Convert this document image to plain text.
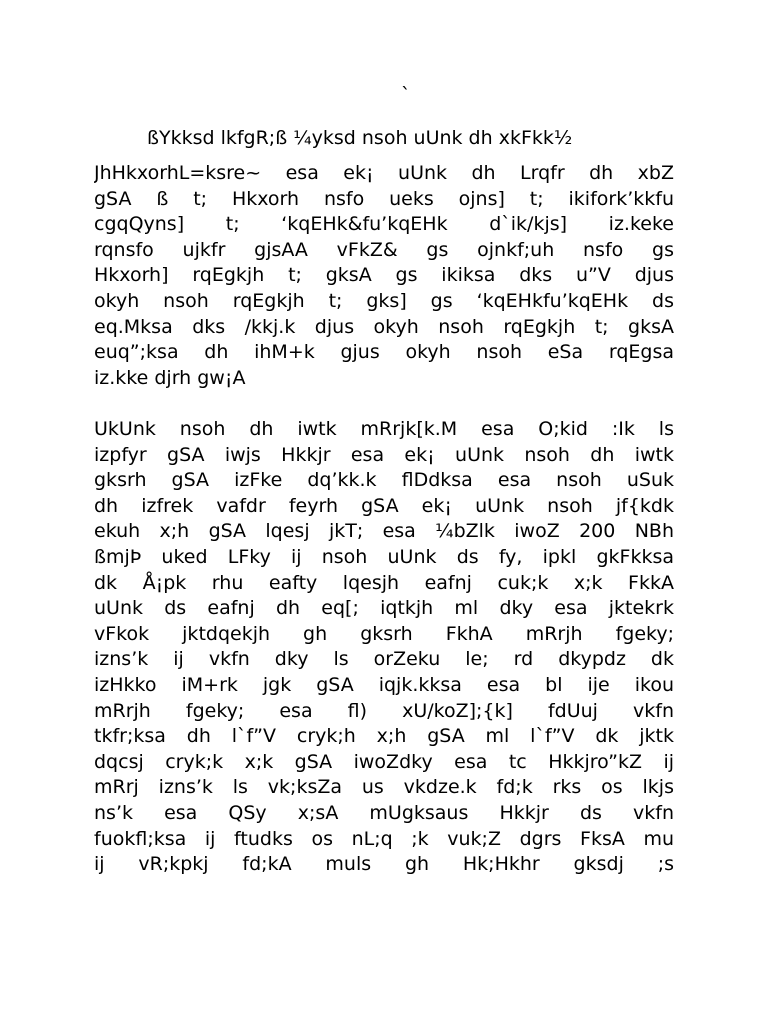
`
ßYkksd lkfgR;ß ¼yksd nsoh uUnk dh xkFkk½
JhHkxorhL=ksre~ esa ek¡ uUnk dh Lrqfr dh xbZ
gSA ß t; Hkxorh nsfo ueks ojns] t; ikifork’kkfu
cgqQyns] t; ‘kqEHk&fu’kqEHk d`ik/kjs] iz.keke
rqnsfo ujkfr gjsAA vFkZ& gs ojnkf;uh nsfo gs
Hkxorh] rqEgkjh t; gksA gs ikiksa dks u”V djus
okyh nsoh rqEgkjh t; gks] gs ‘kqEHkfu’kqEHk ds
eq.Mksa dks /kkj.k djus okyh nsoh rqEgkjh t; gksA
euq”;ksa dh ihM+k gjus okyh nsoh eSa rqEgsa
iz.kke djrh gw¡A
UkUnk nsoh dh iwtk mRrjk[k.M esa O;kid :Ik ls
izpfyr gSA iwjs Hkkjr esa ek¡ uUnk nsoh dh iwtk
gksrh gSA izFke dq’kk.k flDdksa esa nsoh uSuk
dh izfrek vafdr feyrh gSA ek¡ uUnk nsoh jf{kdk
ekuh x;h gSA lqesj jkT; esa ¼bZlk iwoZ 200 NBh
ßmjÞ uked LFky ij nsoh uUnk ds fy, ipkl gkFkksa
dk Å¡pk rhu eafty lqesjh eafnj cuk;k x;k FkkA
uUnk ds eafnj dh eq[; iqtkjh ml dky esa jktekrk
vFkok jktdqekjh gh gksrh FkhA mRrjh fgeky;
izns’k ij vkfn dky ls orZeku le; rd dkypdz dk
izHkko iM+rk jgk gSA iqjk.kksa esa bl ije ikou
mRrjh fgeky; esa fl) xU/koZ];{k] fdUuj vkfn
tkfr;ksa dh l`f”V cryk;h x;h gSA ml l`f”V dk jktk
dqcsj cryk;k x;k gSA iwoZdky esa tc Hkkjro”kZ ij
mRrj izns’k ls vk;ksZa us vkdze.k fd;k rks os lkjs
ns’k esa QSy x;sA mUgksaus Hkkjr ds vkfn
fuokfl;ksa ij ftudks os nL;q ;k vuk;Z dgrs FksA mu
ij vR;kpkj fd;kA muls gh Hk;Hkhr gksdj ;s
